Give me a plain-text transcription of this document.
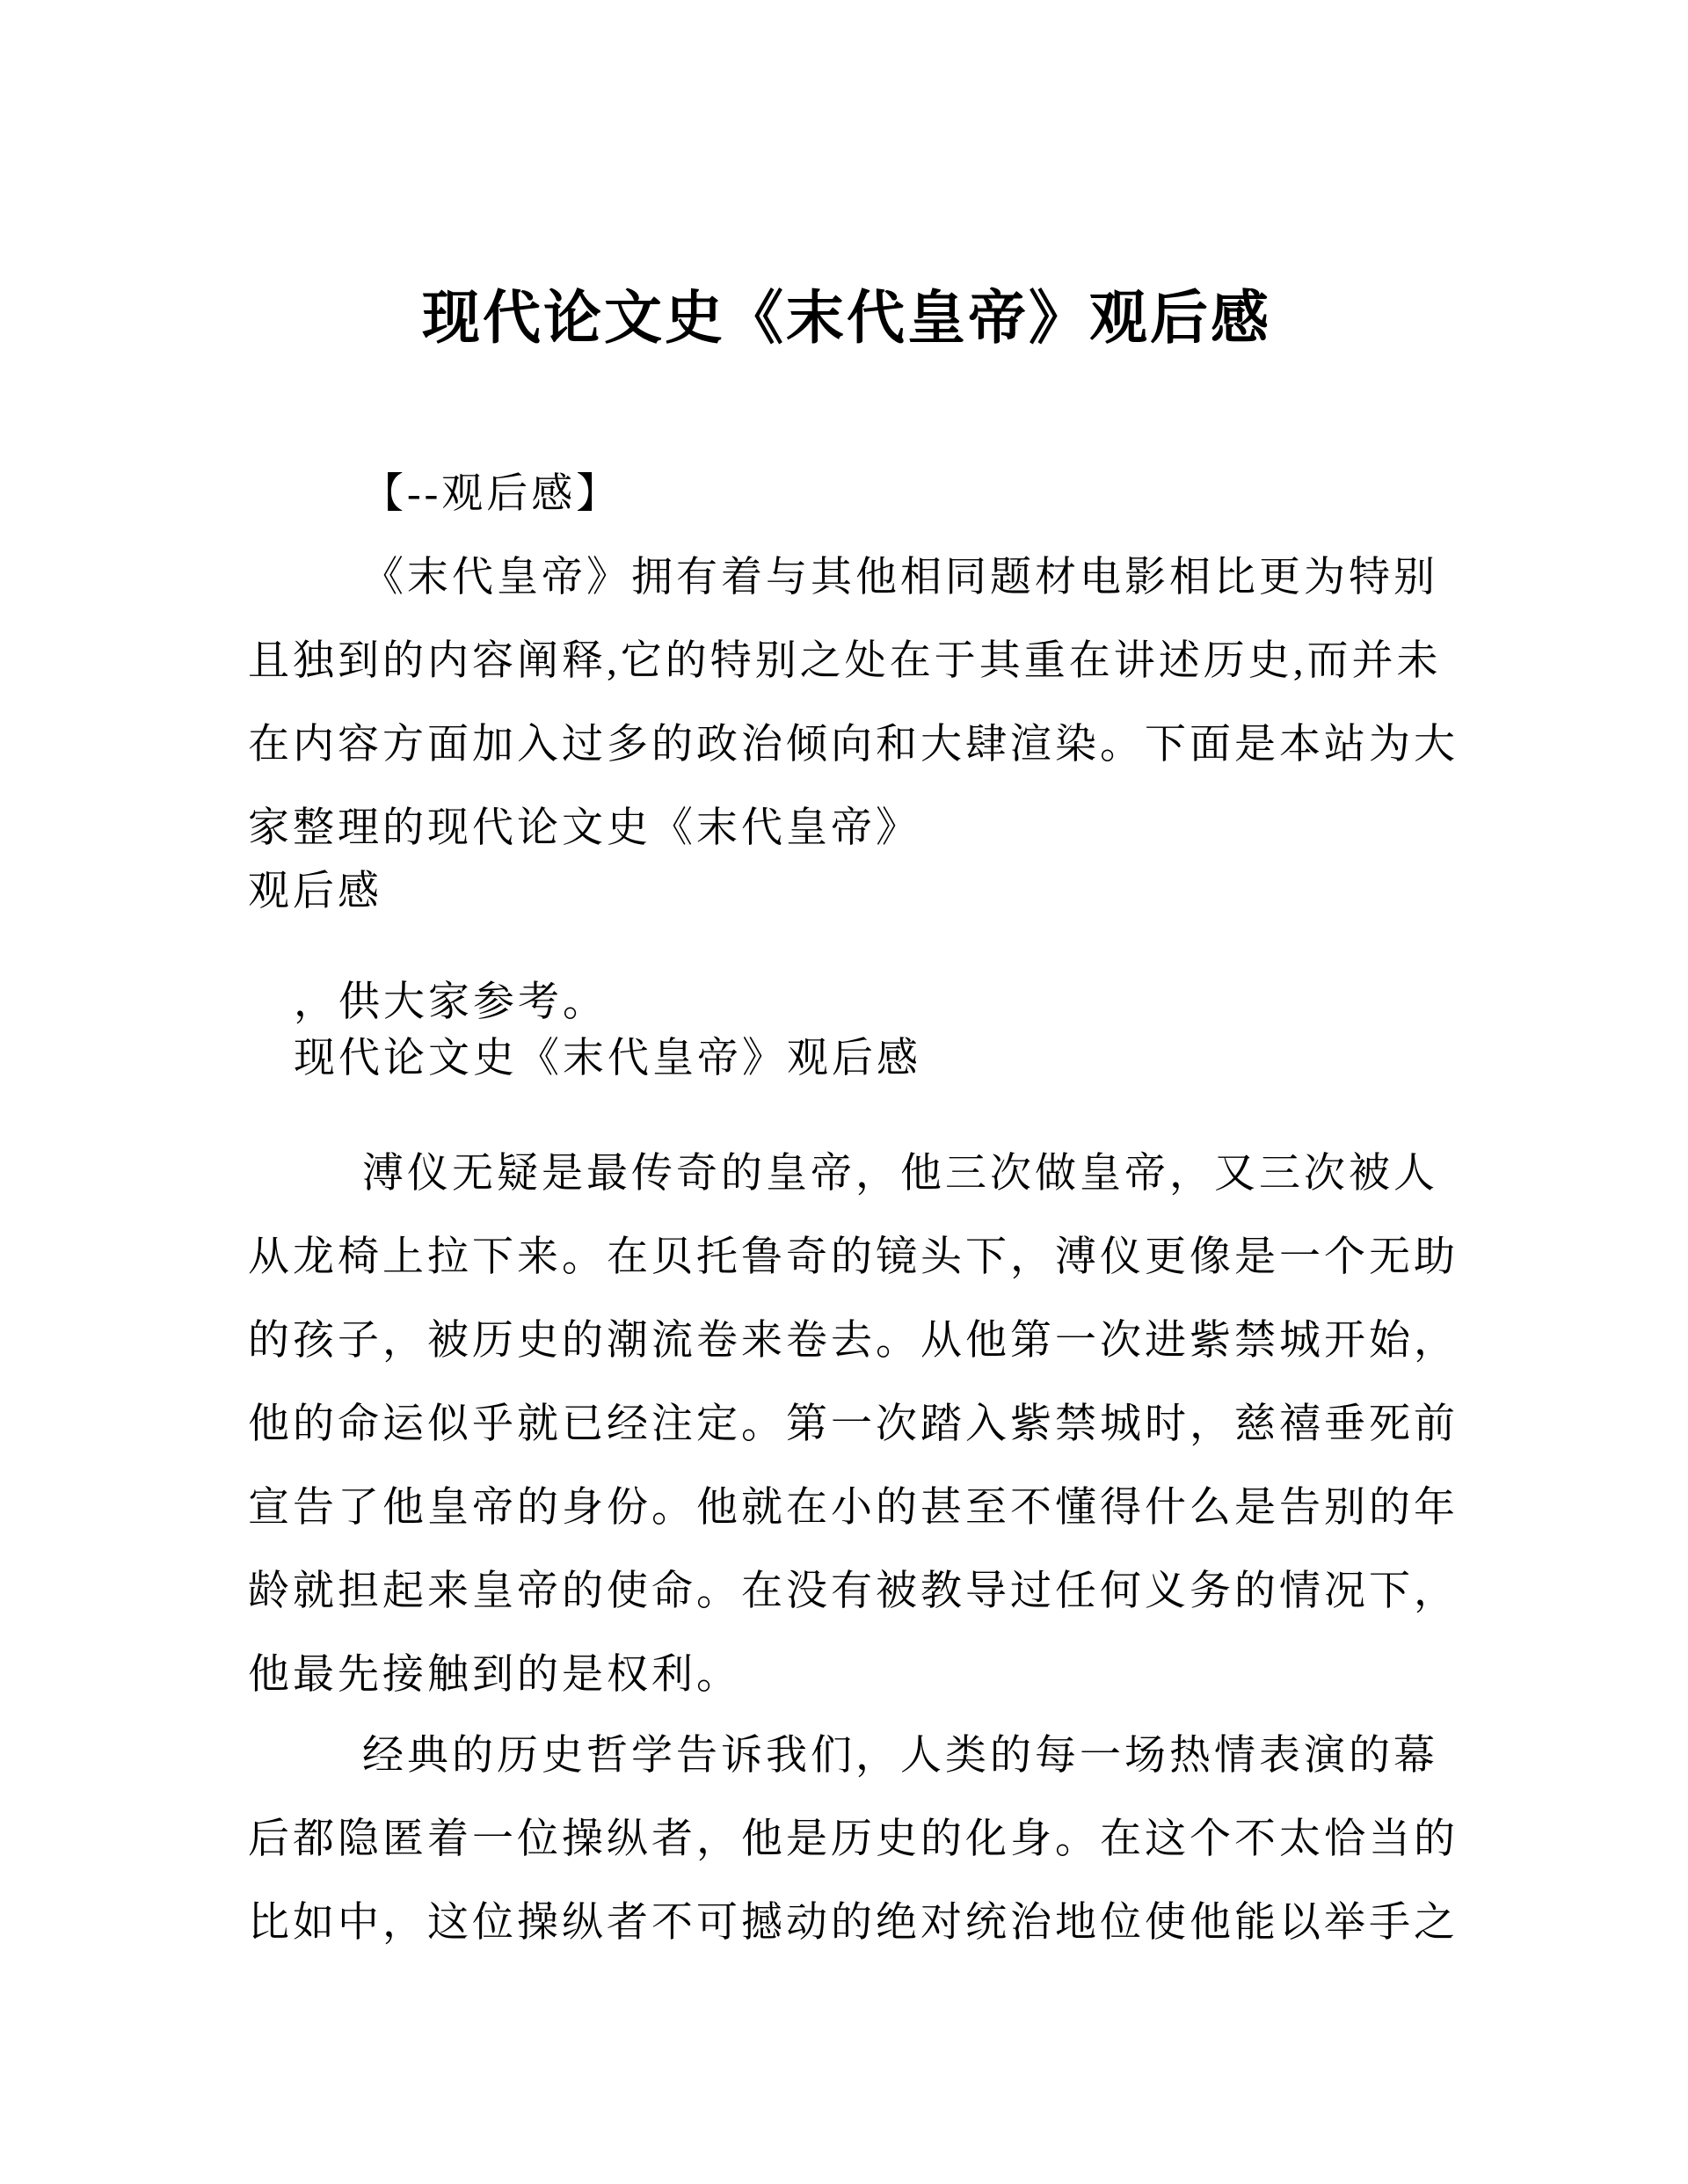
现代论文史《末代皇帝》观后感
【--观后感】
《末代皇帝》拥有着与其他相同题材电影相比更为特别
且独到的内容阐释,它的特别之处在于其重在讲述历史,而并未
在内容方面加入过多的政治倾向和大肆渲染。下面是本站为大
家整理的现代论文史《末代皇帝》
观后感
，供大家参考。
现代论文史《末代皇帝》观后感
溥仪无疑是最传奇的皇帝，他三次做皇帝，又三次被人
从龙椅上拉下来。在贝托鲁奇的镜头下，溥仪更像是一个无助
的孩子，被历史的潮流卷来卷去。从他第一次进紫禁城开始，
他的命运似乎就已经注定。第一次踏入紫禁城时，慈禧垂死前
宣告了他皇帝的身份。他就在小的甚至不懂得什么是告别的年
龄就担起来皇帝的使命。在没有被教导过任何义务的情况下，
他最先接触到的是权利。
经典的历史哲学告诉我们，人类的每一场热情表演的幕
后都隐匿着一位操纵者，他是历史的化身。在这个不太恰当的
比如中，这位操纵者不可撼动的绝对统治地位使他能以举手之
